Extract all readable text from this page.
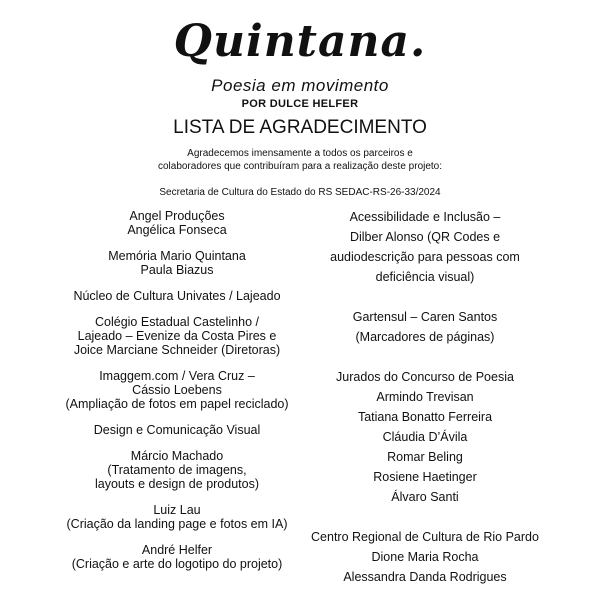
Quintana.
Poesia em movimento
POR DULCE HELFER
LISTA DE AGRADECIMENTO
Agradecemos imensamente a todos os parceiros e
colaboradores que contribuíram para a realização deste projeto:
Secretaria de Cultura do Estado do RS SEDAC-RS-26-33/2024
Angel Produções
Angélica Fonseca
Memória Mario Quintana
Paula Biazus
Núcleo de Cultura Univates / Lajeado
Colégio Estadual Castelinho /
Lajeado – Evenize da Costa Pires e
Joice Marciane Schneider (Diretoras)
Imaggem.com / Vera Cruz –
Cássio Loebens
(Ampliação de fotos em papel reciclado)
Design e Comunicação Visual
Márcio Machado
(Tratamento de imagens,
layouts e design de produtos)
Luiz Lau
(Criação da landing page e fotos em IA)
André Helfer
(Criação e arte do logotipo do projeto)
Acessibilidade e Inclusão –
Dilber Alonso (QR Codes e
audiodescrição para pessoas com
deficiência visual)
Gartensul – Caren Santos
(Marcadores de páginas)
Jurados do Concurso de Poesia
Armindo Trevisan
Tatiana Bonatto Ferreira
Cláudia D’Ávila
Romar Beling
Rosiene Haetinger
Álvaro Santi
Centro Regional de Cultura de Rio Pardo
Dione Maria Rocha
Alessandra Danda Rodrigues
